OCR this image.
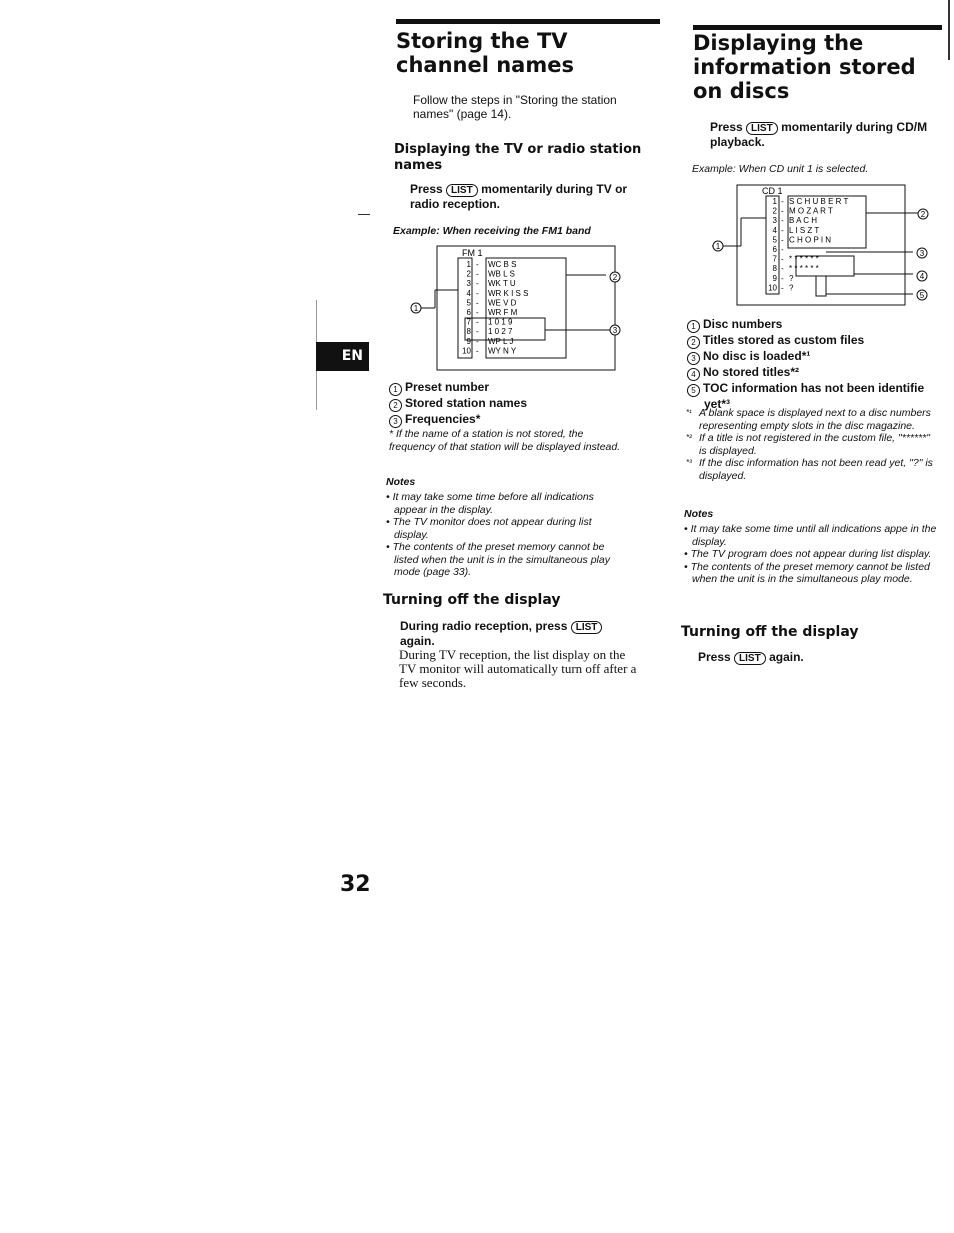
EN
Storing the TV channel names
Follow the steps in "Storing the station names" (page 14).
Displaying the TV or radio station names
Press LIST momentarily during TV or radio reception.
Example: When receiving the FM1 band
FM 1
1 -
2 -
3 -
4 -
5 -
6 -
7 -
8 -
9 -
10 -
WC B S
WB L S
WK T U
WR K I S S
WE V D
WR F M
1 0 1 9
1 0 2 7
WP L J
WY N Y
1
2
3
1 Preset number
2 Stored station names
3 Frequencies*
* If the name of a station is not stored, the frequency of that station will be displayed instead.
Notes
• It may take some time before all indications appear in the display.
• The TV monitor does not appear during list display.
• The contents of the preset memory cannot be listed when the unit is in the simultaneous play mode (page 33).
Turning off the display
During radio reception, press LIST again.
During TV reception, the list display on the TV monitor will automatically turn off after a few seconds.
Displaying the information stored on discs
Press LIST momentarily during CD/M playback.
Example: When CD unit 1 is selected.
CD 1
1 -
2 -
3 -
4 -
5 -
6 -
7 -
8 -
9 -
10 -
S C H U B E R T
M O Z A R T
B A C H
L I S Z T
C H O P I N
* * * * * *
* * * * * *
?
?
1
2
3
4
5
1 Disc numbers
2 Titles stored as custom files
3 No disc is loaded*¹
4 No stored titles*²
5 TOC information has not been identifie
yet*³
*¹ A blank space is displayed next to a disc numbers representing empty slots in the disc magazine.
*² If a title is not registered in the custom file, "******" is displayed.
*³ If the disc information has not been read yet, "?" is displayed.
Notes
• It may take some time until all indications appe in the display.
• The TV program does not appear during list display.
• The contents of the preset memory cannot be listed when the unit is in the simultaneous play mode.
Turning off the display
Press LIST again.
32
